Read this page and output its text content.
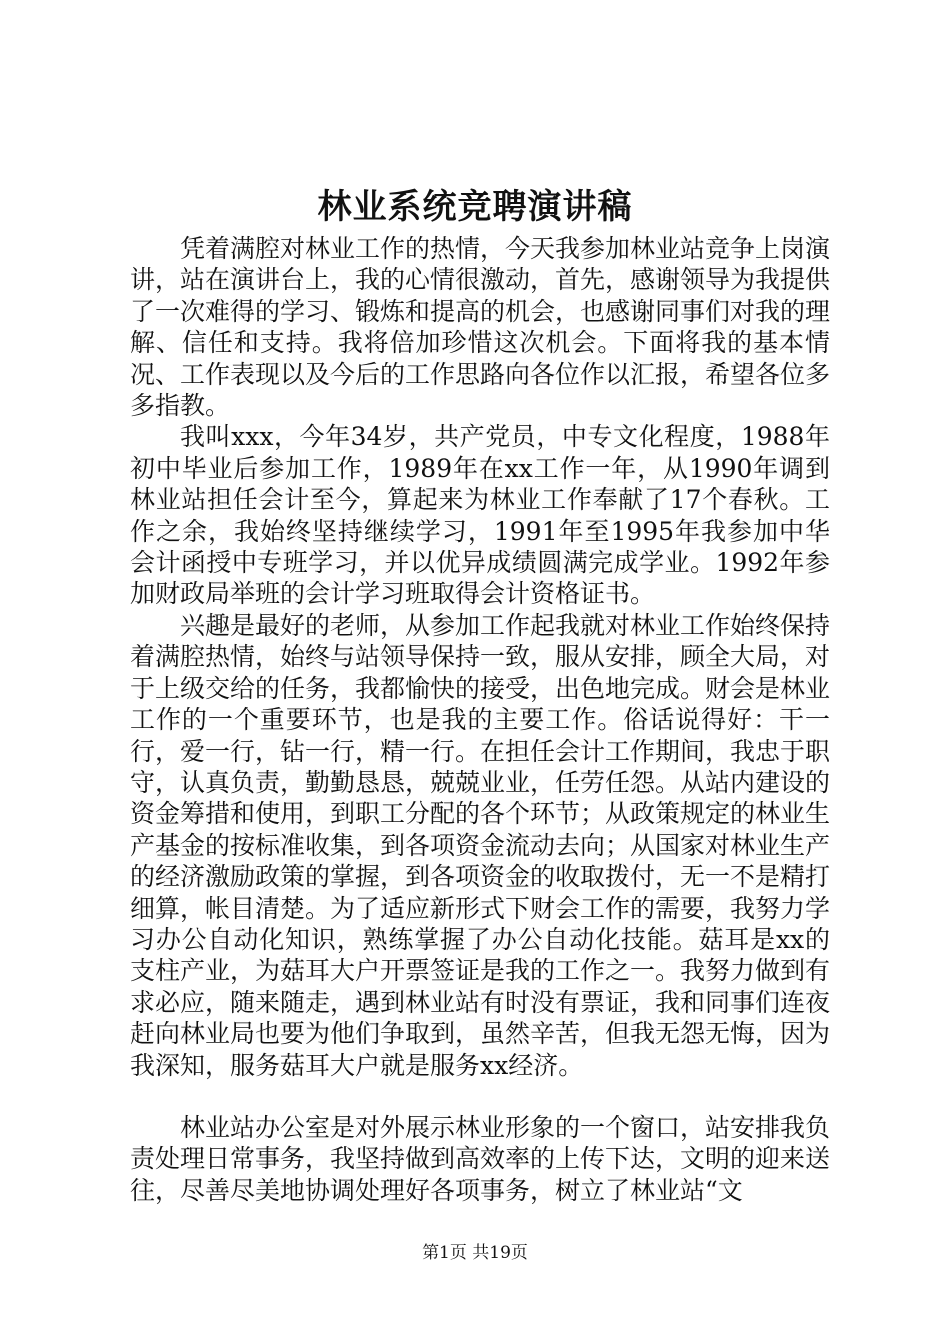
林业系统竞聘演讲稿

凭着满腔对林业工作的热情，今天我参加林业站竞争上岗演讲，站在演讲台上，我的心情很激动，首先，感谢领导为我提供了一次难得的学习、锻炼和提高的机会，也感谢同事们对我的理解、信任和支持。我将倍加珍惜这次机会。下面将我的基本情况、工作表现以及今后的工作思路向各位作以汇报，希望各位多多指教。

我叫xxx，今年34岁，共产党员，中专文化程度，1988年初中毕业后参加工作，1989年在xx工作一年，从1990年调到林业站担任会计至今，算起来为林业工作奉献了17个春秋。工作之余，我始终坚持继续学习，1991年至1995年我参加中华会计函授中专班学习，并以优异成绩圆满完成学业。1992年参加财政局举班的会计学习班取得会计资格证书。

兴趣是最好的老师，从参加工作起我就对林业工作始终保持着满腔热情，始终与站领导保持一致，服从安排，顾全大局，对于上级交给的任务，我都愉快的接受，出色地完成。财会是林业工作的一个重要环节，也是我的主要工作。俗话说得好：干一行，爱一行，钻一行，精一行。在担任会计工作期间，我忠于职守，认真负责，勤勤恳恳，兢兢业业，任劳任怨。从站内建设的资金筹措和使用，到职工分配的各个环节；从政策规定的林业生产基金的按标准收集，到各项资金流动去向；从国家对林业生产的经济激励政策的掌握，到各项资金的收取拨付，无一不是精打细算，帐目清楚。为了适应新形式下财会工作的需要，我努力学习办公自动化知识，熟练掌握了办公自动化技能。菇耳是xx的支柱产业，为菇耳大户开票签证是我的工作之一。我努力做到有求必应，随来随走，遇到林业站有时没有票证，我和同事们连夜赶向林业局也要为他们争取到，虽然辛苦，但我无怨无悔，因为我深知，服务菇耳大户就是服务xx经济。

林业站办公室是对外展示林业形象的一个窗口，站安排我负责处理日常事务，我坚持做到高效率的上传下达，文明的迎来送往，尽善尽美地协调处理好各项事务，树立了林业站“文

第1页 共19页
